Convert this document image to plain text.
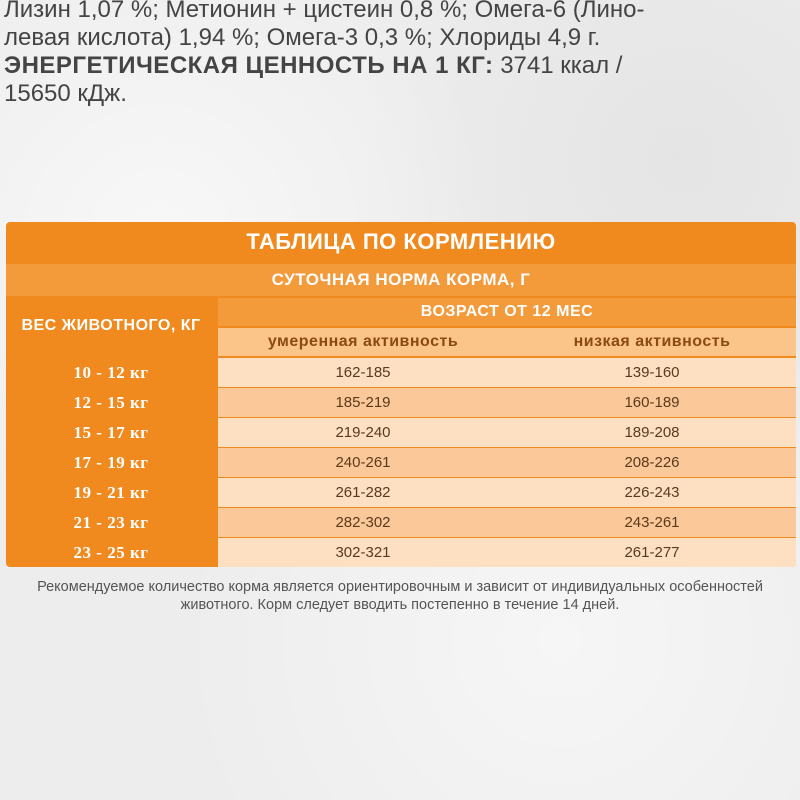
Лизин 1,07 %; Метионин + цистеин 0,8 %; Омега-6 (Лино-
левая кислота) 1,94 %; Омега-3 0,3 %; Хлориды 4,9 г.
ЭНЕРГЕТИЧЕСКАЯ ЦЕННОСТЬ НА 1 КГ: 3741 ккал /
15650 кДж.
ТАБЛИЦА ПО КОРМЛЕНИЮ
СУТОЧНАЯ НОРМА КОРМА, Г
ВЕС ЖИВОТНОГО, КГ
ВОЗРАСТ ОТ 12 МЕС
умеренная активность	низкая активность
10 - 12 кг	162-185	139-160
12 - 15 кг	185-219	160-189
15 - 17 кг	219-240	189-208
17 - 19 кг	240-261	208-226
19 - 21 кг	261-282	226-243
21 - 23 кг	282-302	243-261
23 - 25 кг	302-321	261-277
Рекомендуемое количество корма является ориентировочным и зависит от индивидуальных особенностей животного. Корм следует вводить постепенно в течение 14 дней.
